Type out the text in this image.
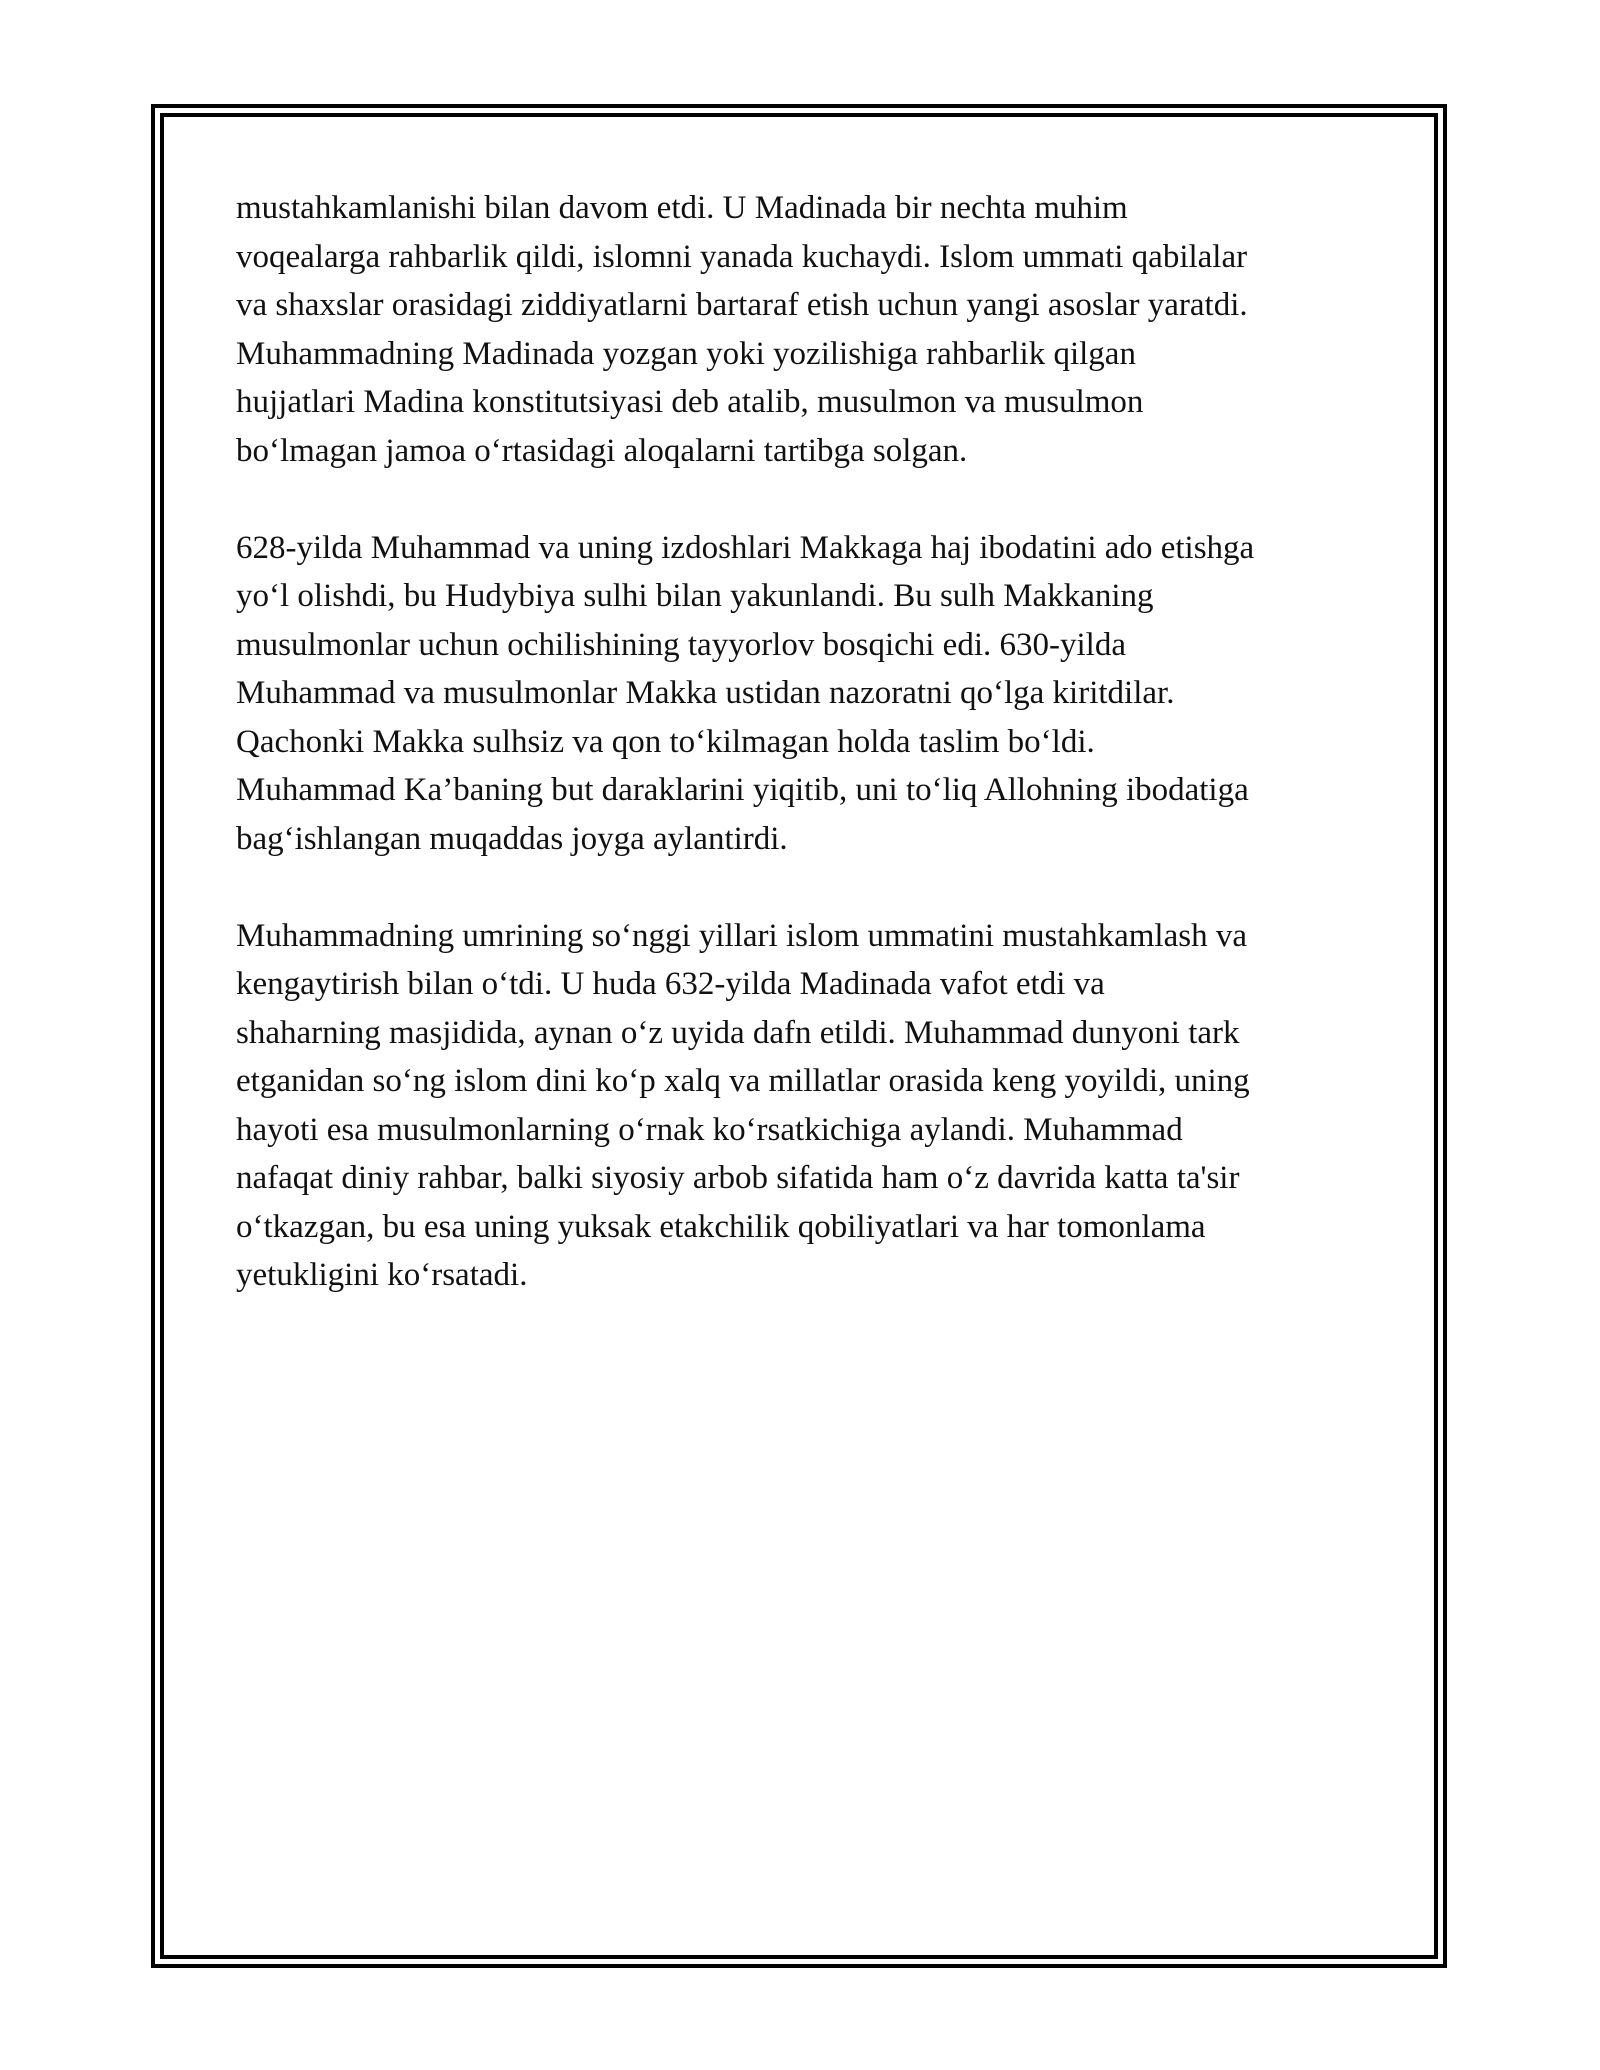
mustahkamlanishi bilan davom etdi. U Madinada bir nechta muhim
voqealarga rahbarlik qildi, islomni yanada kuchaydi. Islom ummati qabilalar
va shaxslar orasidagi ziddiyatlarni bartaraf etish uchun yangi asoslar yaratdi.
Muhammadning Madinada yozgan yoki yozilishiga rahbarlik qilgan
hujjatlari Madina konstitutsiyasi deb atalib, musulmon va musulmon
bo‘lmagan jamoa o‘rtasidagi aloqalarni tartibga solgan.
628-yilda Muhammad va uning izdoshlari Makkaga haj ibodatini ado etishga
yo‘l olishdi, bu Hudybiya sulhi bilan yakunlandi. Bu sulh Makkaning
musulmonlar uchun ochilishining tayyorlov bosqichi edi. 630-yilda
Muhammad va musulmonlar Makka ustidan nazoratni qo‘lga kiritdilar.
Qachonki Makka sulhsiz va qon to‘kilmagan holda taslim bo‘ldi.
Muhammad Ka’baning but daraklarini yiqitib, uni to‘liq Allohning ibodatiga
bag‘ishlangan muqaddas joyga aylantirdi.
Muhammadning umrining so‘nggi yillari islom ummatini mustahkamlash va
kengaytirish bilan o‘tdi. U huda 632-yilda Madinada vafot etdi va
shaharning masjidida, aynan o‘z uyida dafn etildi. Muhammad dunyoni tark
etganidan so‘ng islom dini ko‘p xalq va millatlar orasida keng yoyildi, uning
hayoti esa musulmonlarning o‘rnak ko‘rsatkichiga aylandi. Muhammad
nafaqat diniy rahbar, balki siyosiy arbob sifatida ham o‘z davrida katta ta'sir
o‘tkazgan, bu esa uning yuksak etakchilik qobiliyatlari va har tomonlama
yetukligini ko‘rsatadi.
